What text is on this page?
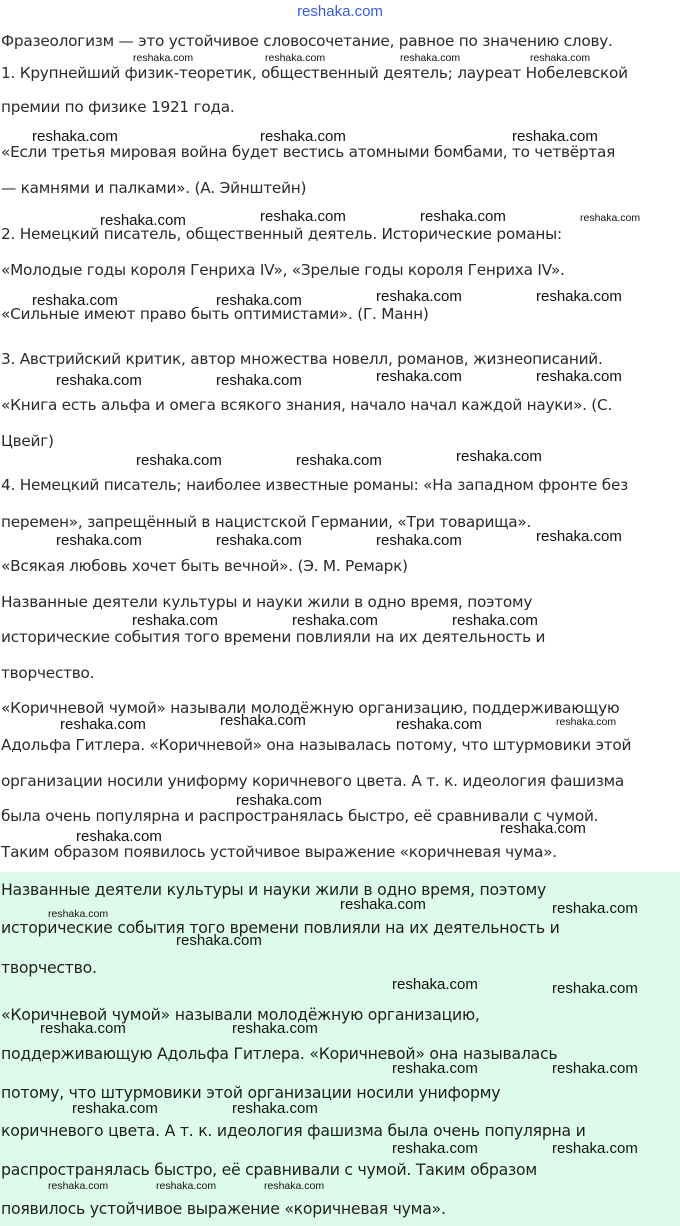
reshaka.com

Фразеологизм — это устойчивое словосочетание, равное по значению слову.

1. Крупнейший физик-теоретик, общественный деятель; лауреат Нобелевской

премии по физике 1921 года.

«Если третья мировая война будет вестись атомными бомбами, то четвёртая

— камнями и палками». (А. Эйнштейн)

2. Немецкий писатель, общественный деятель. Исторические романы:

«Молодые годы короля Генриха IV», «Зрелые годы короля Генриха IV».

«Сильные имеют право быть оптимистами». (Г. Манн)

3. Австрийский критик, автор множества новелл, романов, жизнеописаний.

«Книга есть альфа и омега всякого знания, начало начал каждой науки». (С.

Цвейг)

4. Немецкий писатель; наиболее известные романы: «На западном фронте без

перемен», запрещённый в нацистской Германии, «Три товарища».

«Всякая любовь хочет быть вечной». (Э. М. Ремарк)

Названные деятели культуры и науки жили в одно время, поэтому

исторические события того времени повлияли на их деятельность и

творчество.

«Коричневой чумой» называли молодёжную организацию, поддерживающую

Адольфа Гитлера. «Коричневой» она называлась потому, что штурмовики этой

организации носили униформу коричневого цвета. А т. к. идеология фашизма

была очень популярна и распространялась быстро, её сравнивали с чумой.

Таким образом появилось устойчивое выражение «коричневая чума».

Названные деятели культуры и науки жили в одно время, поэтому

исторические события того времени повлияли на их деятельность и

творчество.

«Коричневой чумой» называли молодёжную организацию,

поддерживающую Адольфа Гитлера. «Коричневой» она называлась

потому, что штурмовики этой организации носили униформу

коричневого цвета. А т. к. идеология фашизма была очень популярна и

распространялась быстро, её сравнивали с чумой. Таким образом

появилось устойчивое выражение «коричневая чума».

reshaka.com	reshaka.com	reshaka.com	reshaka.com
reshaka.com	reshaka.com	reshaka.com
reshaka.com	reshaka.com	reshaka.com	reshaka.com
reshaka.com	reshaka.com	reshaka.com	reshaka.com
reshaka.com	reshaka.com	reshaka.com	reshaka.com
reshaka.com	reshaka.com	reshaka.com
reshaka.com	reshaka.com	reshaka.com	reshaka.com
reshaka.com	reshaka.com	reshaka.com
reshaka.com	reshaka.com	reshaka.com	reshaka.com
reshaka.com
reshaka.com	reshaka.com
reshaka.com
reshaka.com	reshaka.com
reshaka.com
reshaka.com	reshaka.com
reshaka.com	reshaka.com
reshaka.com	reshaka.com
reshaka.com	reshaka.com
reshaka.com	reshaka.com
reshaka.com	reshaka.com	reshaka.com
